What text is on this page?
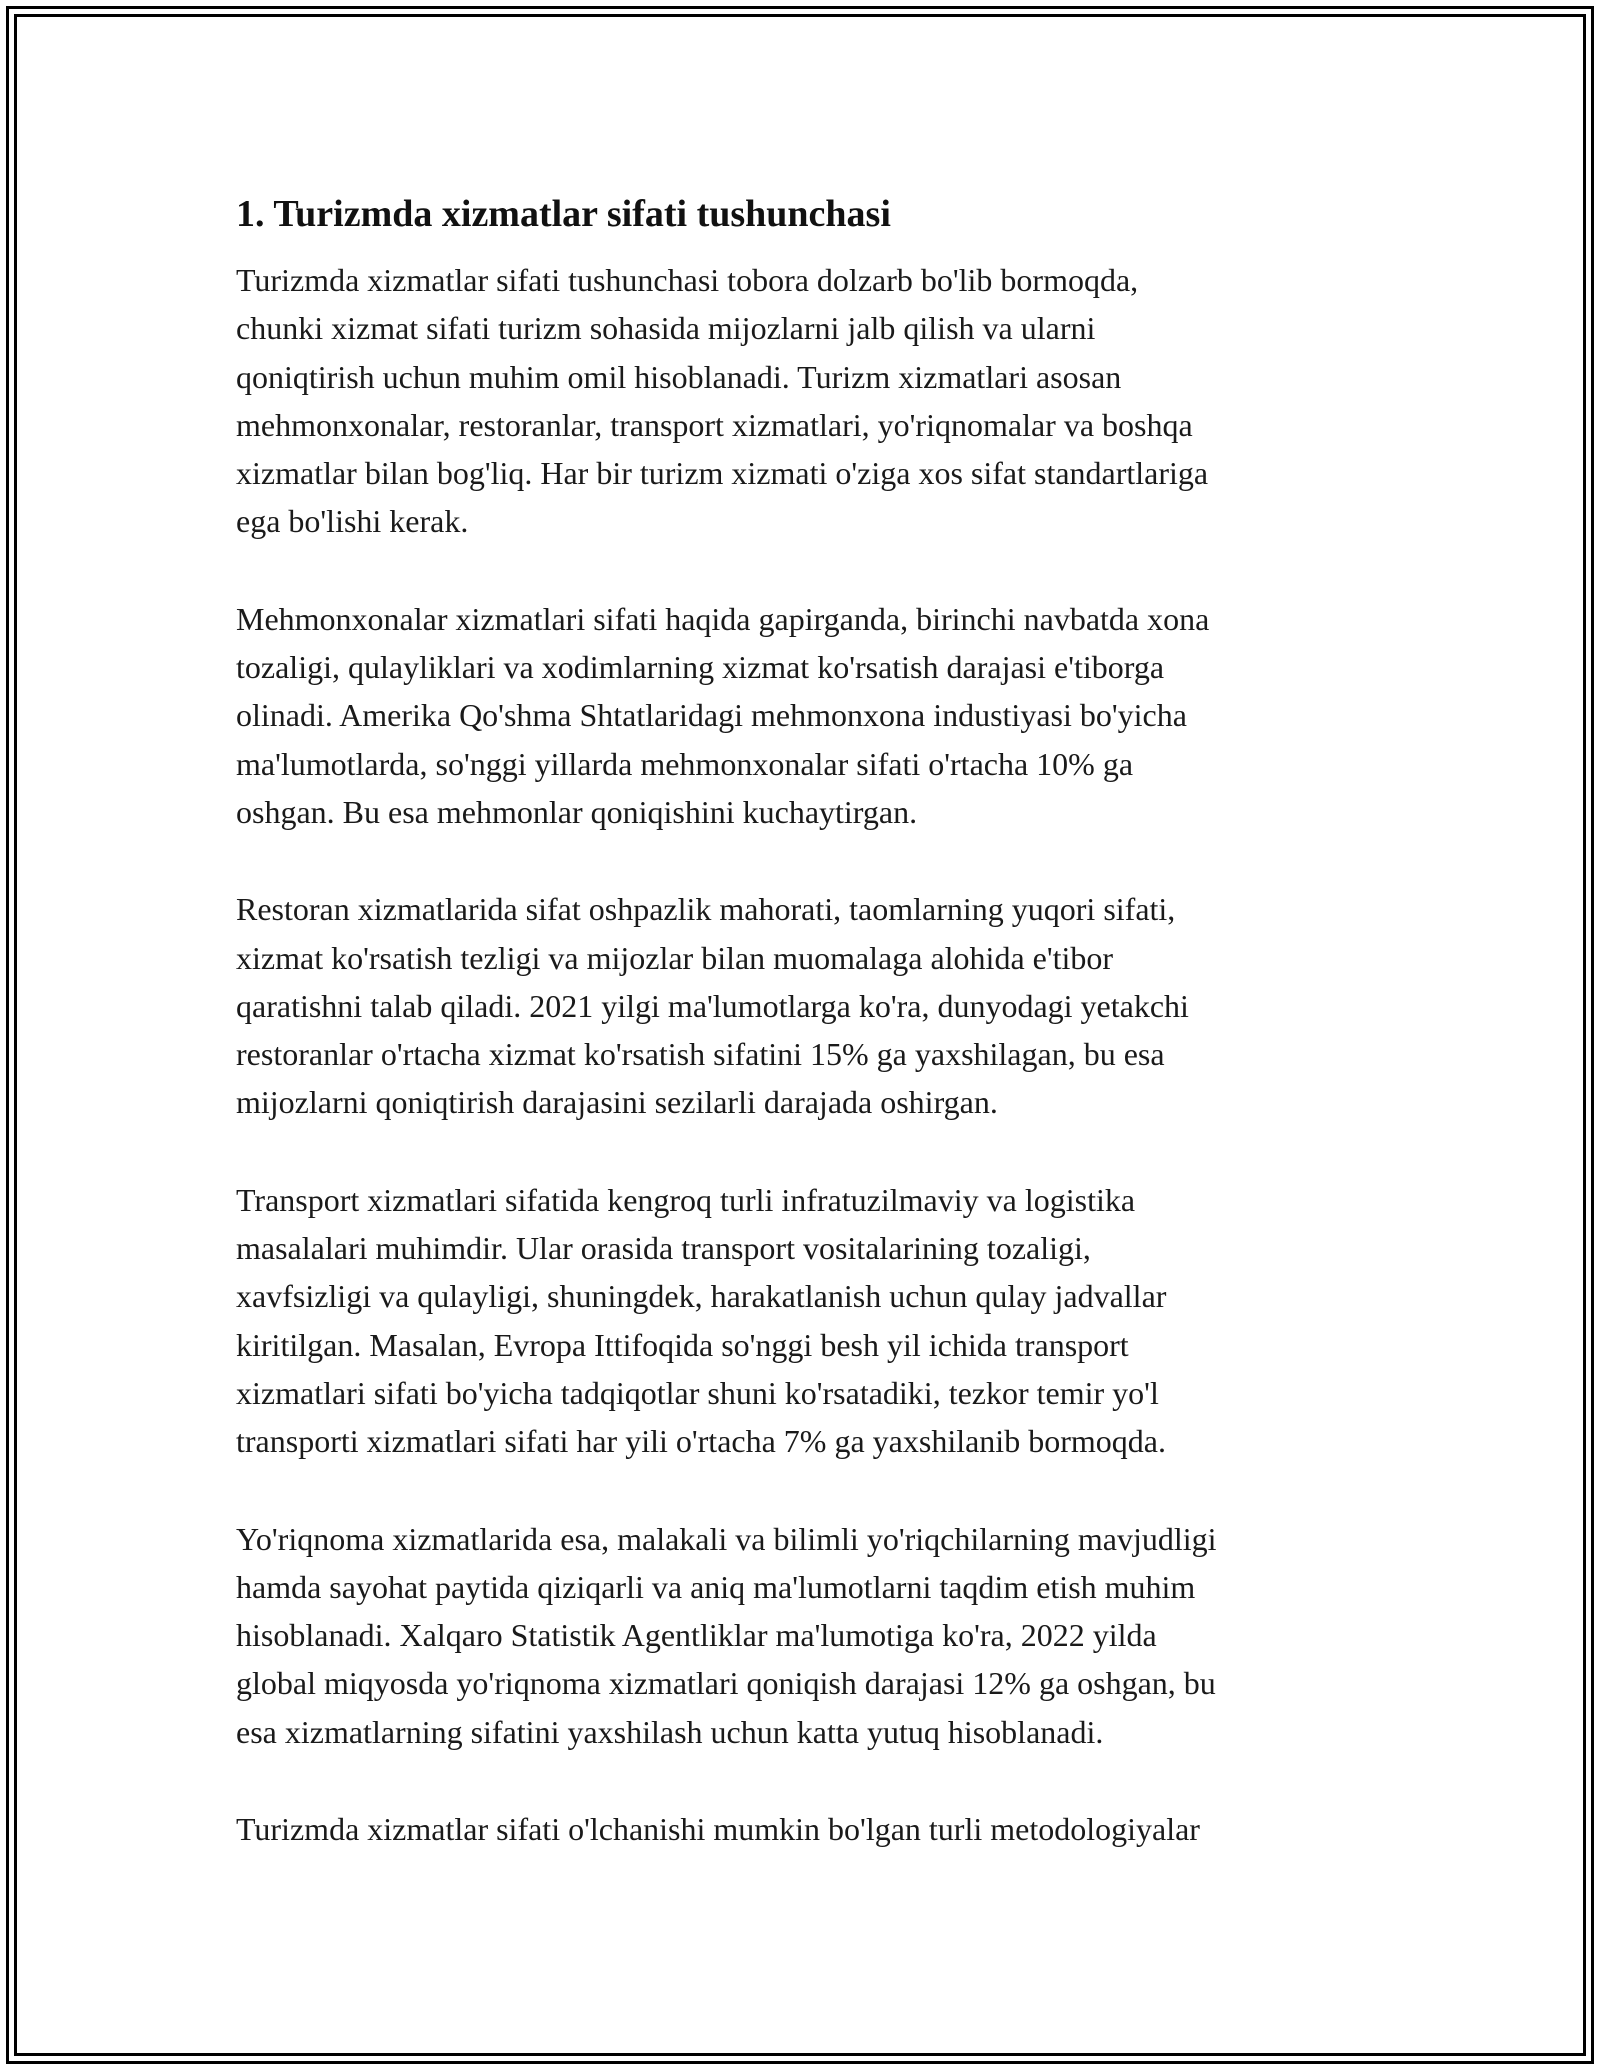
1. Turizmda xizmatlar sifati tushunchasi

Turizmda xizmatlar sifati tushunchasi tobora dolzarb bo'lib bormoqda,
chunki xizmat sifati turizm sohasida mijozlarni jalb qilish va ularni
qoniqtirish uchun muhim omil hisoblanadi. Turizm xizmatlari asosan
mehmonxonalar, restoranlar, transport xizmatlari, yo'riqnomalar va boshqa
xizmatlar bilan bog'liq. Har bir turizm xizmati o'ziga xos sifat standartlariga
ega bo'lishi kerak.

Mehmonxonalar xizmatlari sifati haqida gapirganda, birinchi navbatda xona
tozaligi, qulayliklari va xodimlarning xizmat ko'rsatish darajasi e'tiborga
olinadi. Amerika Qo'shma Shtatlaridagi mehmonxona industiyasi bo'yicha
ma'lumotlarda, so'nggi yillarda mehmonxonalar sifati o'rtacha 10% ga
oshgan. Bu esa mehmonlar qoniqishini kuchaytirgan.

Restoran xizmatlarida sifat oshpazlik mahorati, taomlarning yuqori sifati,
xizmat ko'rsatish tezligi va mijozlar bilan muomalaga alohida e'tibor
qaratishni talab qiladi. 2021 yilgi ma'lumotlarga ko'ra, dunyodagi yetakchi
restoranlar o'rtacha xizmat ko'rsatish sifatini 15% ga yaxshilagan, bu esa
mijozlarni qoniqtirish darajasini sezilarli darajada oshirgan.

Transport xizmatlari sifatida kengroq turli infratuzilmaviy va logistika
masalalari muhimdir. Ular orasida transport vositalarining tozaligi,
xavfsizligi va qulayligi, shuningdek, harakatlanish uchun qulay jadvallar
kiritilgan. Masalan, Evropa Ittifoqida so'nggi besh yil ichida transport
xizmatlari sifati bo'yicha tadqiqotlar shuni ko'rsatadiki, tezkor temir yo'l
transporti xizmatlari sifati har yili o'rtacha 7% ga yaxshilanib bormoqda.

Yo'riqnoma xizmatlarida esa, malakali va bilimli yo'riqchilarning mavjudligi
hamda sayohat paytida qiziqarli va aniq ma'lumotlarni taqdim etish muhim
hisoblanadi. Xalqaro Statistik Agentliklar ma'lumotiga ko'ra, 2022 yilda
global miqyosda yo'riqnoma xizmatlari qoniqish darajasi 12% ga oshgan, bu
esa xizmatlarning sifatini yaxshilash uchun katta yutuq hisoblanadi.

Turizmda xizmatlar sifati o'lchanishi mumkin bo'lgan turli metodologiyalar
